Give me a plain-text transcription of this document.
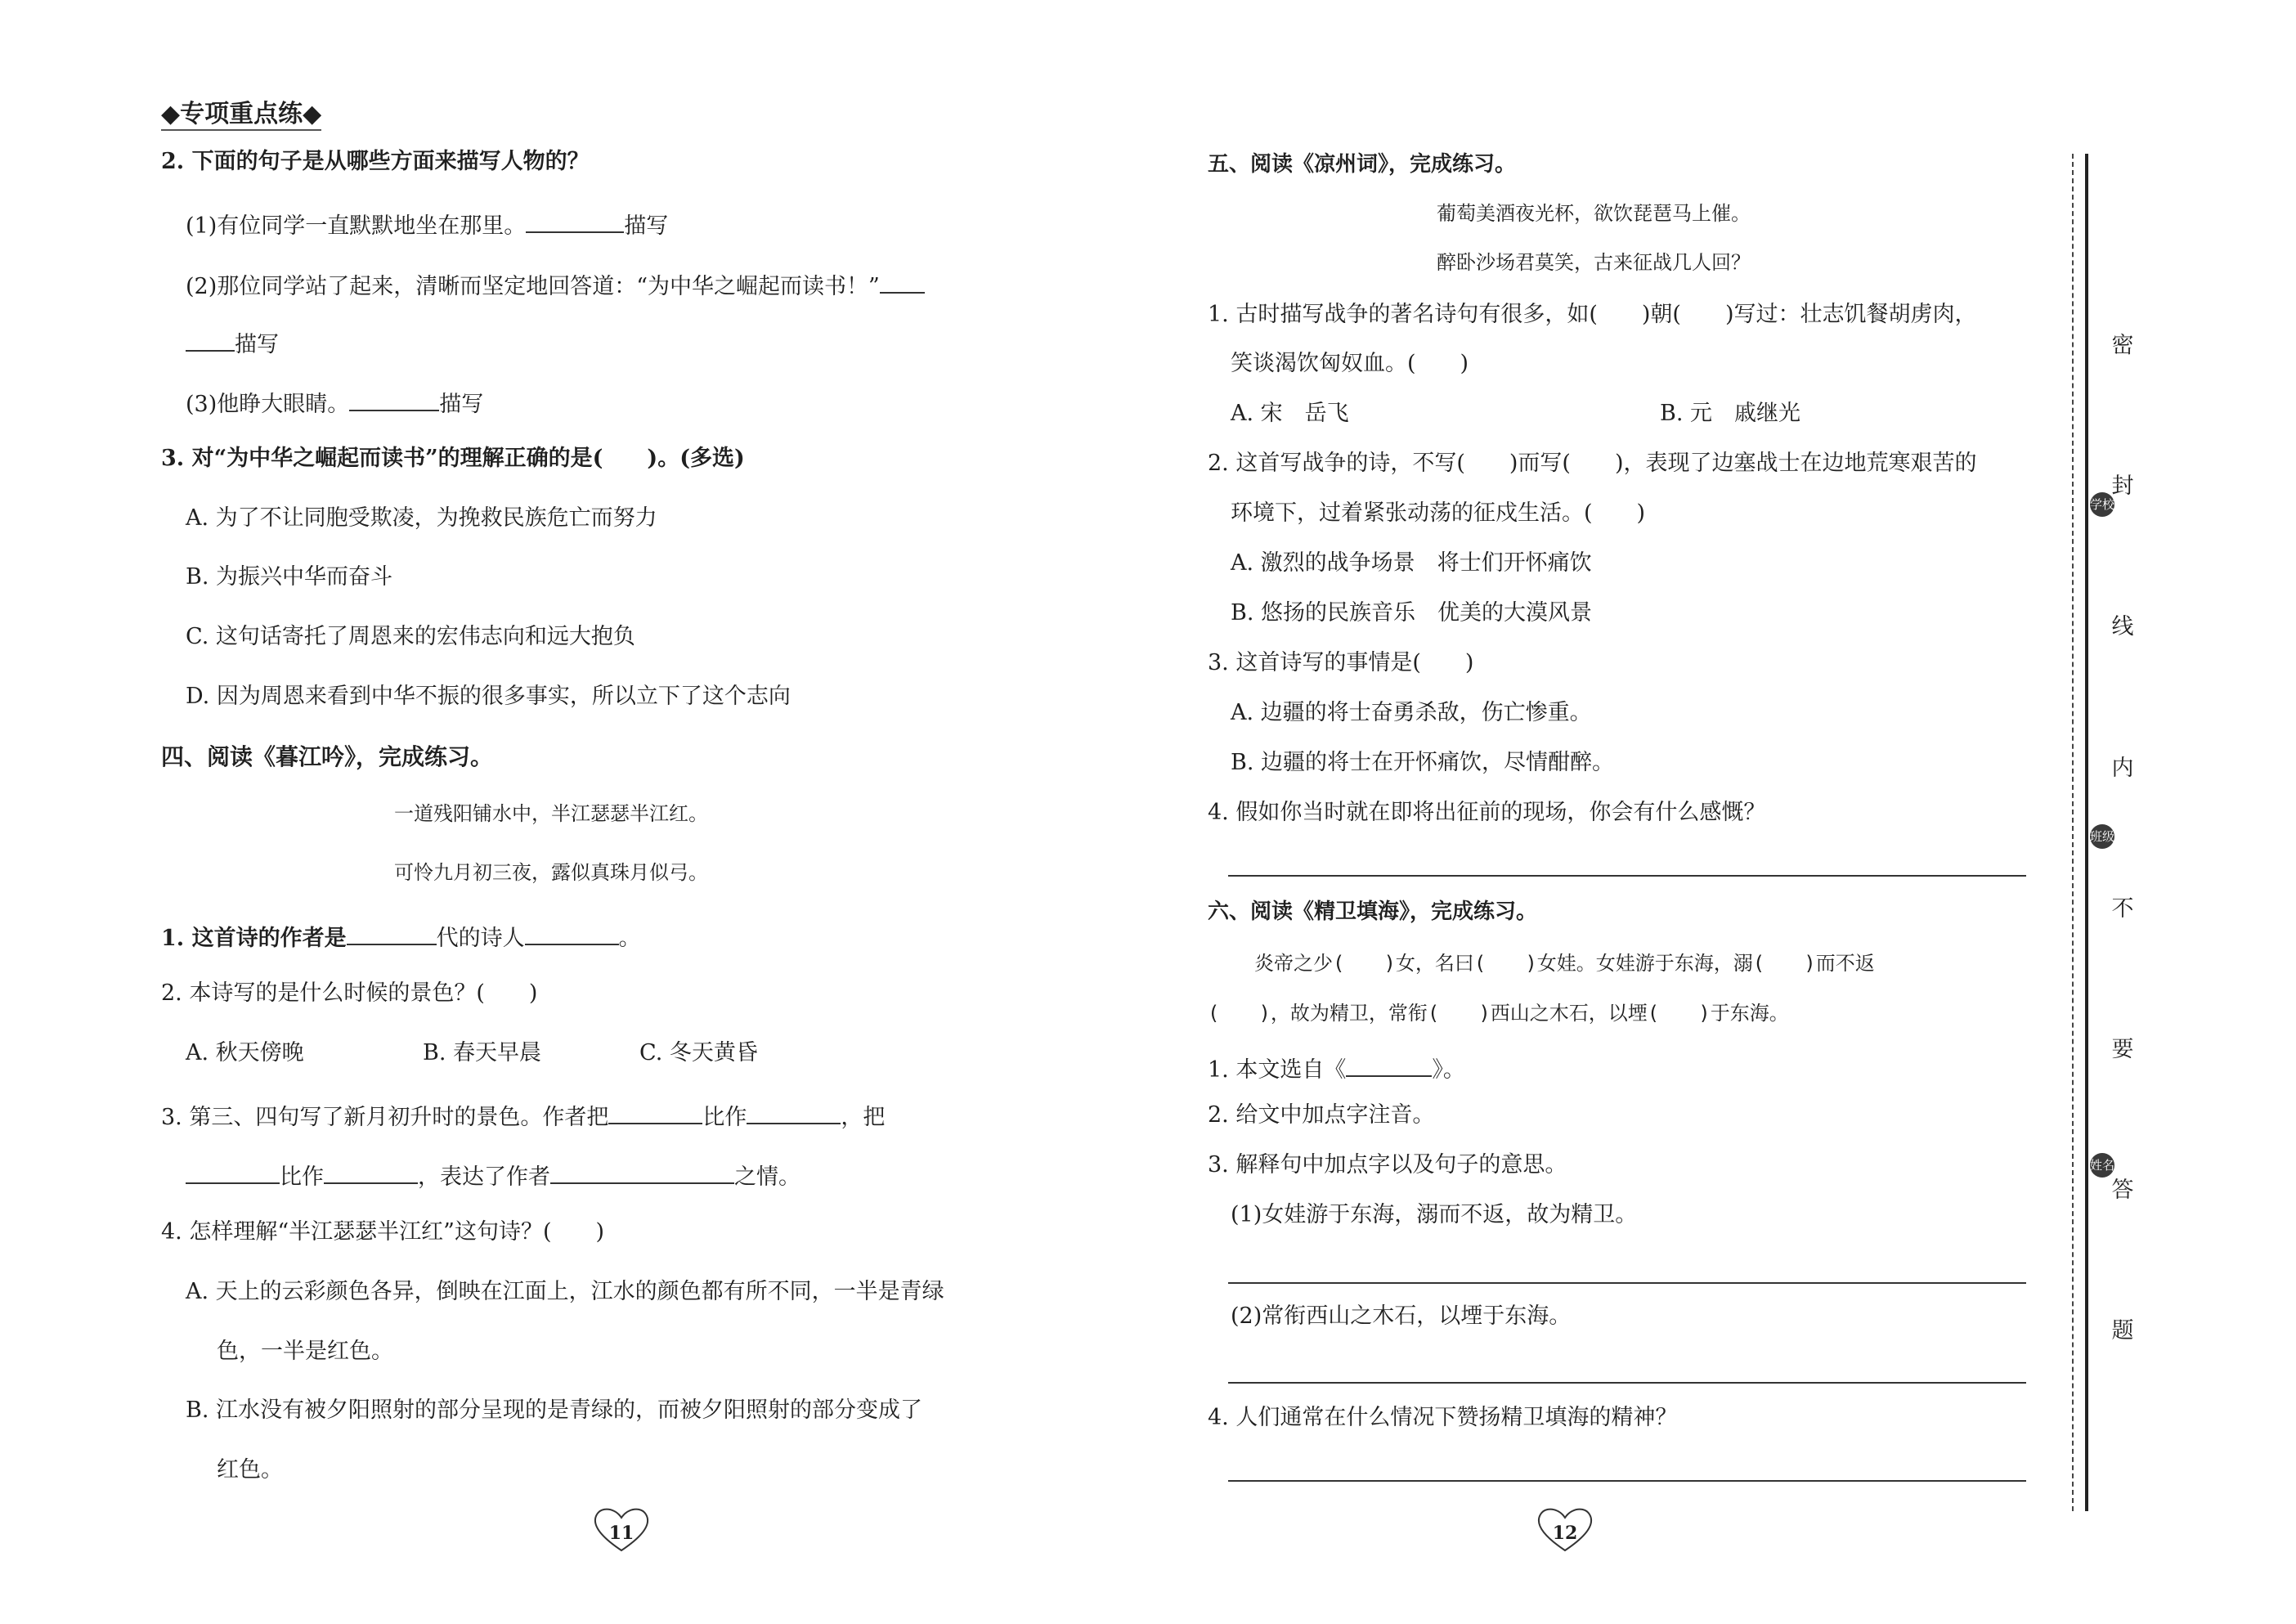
◆专项重点练◆
2. 下面的句子是从哪些方面来描写人物的？
(1)有位同学一直默默地坐在那里。	描写
(2)那位同学站了起来，清晰而坚定地回答道：“为中华之崛起而读书！”
描写
(3)他睁大眼睛。	描写
3. 对“为中华之崛起而读书”的理解正确的是(　　)。(多选)
A. 为了不让同胞受欺凌，为挽救民族危亡而努力
B. 为振兴中华而奋斗
C. 这句话寄托了周恩来的宏伟志向和远大抱负
D. 因为周恩来看到中华不振的很多事实，所以立下了这个志向
四、阅读《暮江吟》，完成练习。
一道残阳铺水中，半江瑟瑟半江红。
可怜九月初三夜，露似真珠月似弓。
1. 这首诗的作者是	代的诗人	。
2. 本诗写的是什么时候的景色？(　　)
A. 秋天傍晚	B. 春天早晨	C. 冬天黄昏
3. 第三、四句写了新月初升时的景色。作者把	比作	，把
比作	，表达了作者	之情。
4. 怎样理解“半江瑟瑟半江红”这句诗？(　　)
A. 天上的云彩颜色各异，倒映在江面上，江水的颜色都有所不同，一半是青绿
色，一半是红色。
B. 江水没有被夕阳照射的部分呈现的是青绿的，而被夕阳照射的部分变成了
红色。
11
五、阅读《凉州词》，完成练习。
葡萄美酒夜光杯，欲饮琵琶马上催。
醉卧沙场君莫笑，古来征战几人回？
1. 古时描写战争的著名诗句有很多，如(　　)朝(　　)写过：壮志饥餐胡虏肉，
笑谈渴饮匈奴血。(　　)
A. 宋　岳飞	B. 元　戚继光
2. 这首写战争的诗，不写(　　)而写(　　)，表现了边塞战士在边地荒寒艰苦的
环境下，过着紧张动荡的征戍生活。(　　)
A. 激烈的战争场景　将士们开怀痛饮
B. 悠扬的民族音乐　优美的大漠风景
3. 这首诗写的事情是(　　)
A. 边疆的将士奋勇杀敌，伤亡惨重。
B. 边疆的将士在开怀痛饮，尽情酣醉。
4. 假如你当时就在即将出征前的现场，你会有什么感慨？
六、阅读《精卫填海》，完成练习。
炎帝之少(　　)女，名曰(　　)女娃。女娃游于东海，溺(　　)而不返
(　　)，故为精卫，常衔(　　)西山之木石，以堙(　　)于东海。
1. 本文选自《	》。
2. 给文中加点字注音。
3. 解释句中加点字以及句子的意思。
(1)女娃游于东海，溺而不返，故为精卫。
(2)常衔西山之木石，以堙于东海。
4. 人们通常在什么情况下赞扬精卫填海的精神？
12
密
封
线
内
不
要
答
题
学校
班级
姓名
